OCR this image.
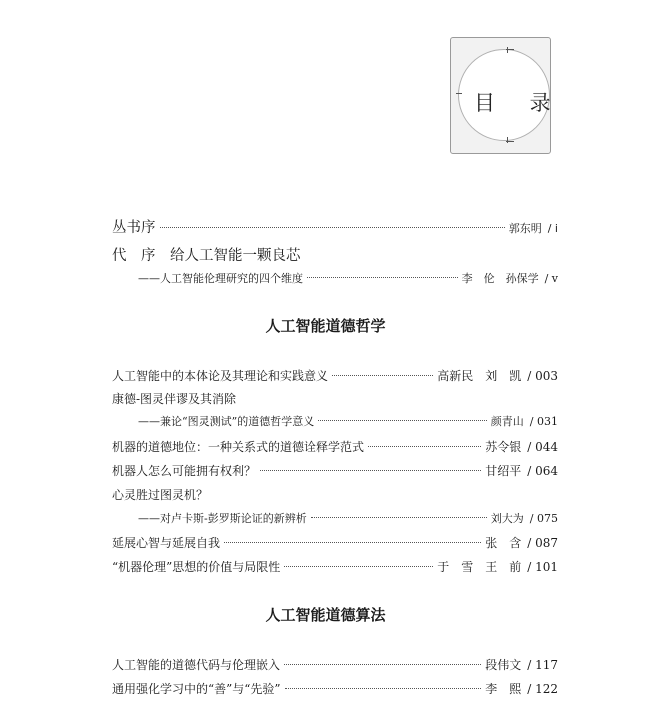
目 录
丛书序	郭东明 / i
代　序　给人工智能一颗良芯
——人工智能伦理研究的四个维度	李　伦　孙保学 / v
人工智能道德哲学
人工智能中的本体论及其理论和实践意义	高新民　刘　凯 / 003
康德-图灵伴谬及其消除
——兼论“图灵测试”的道德哲学意义	颜青山 / 031
机器的道德地位：一种关系式的道德诠释学范式	苏令银 / 044
机器人怎么可能拥有权利？	甘绍平 / 064
心灵胜过图灵机？
——对卢卡斯-彭罗斯论证的新辨析	刘大为 / 075
延展心智与延展自我	张　含 / 087
“机器伦理”思想的价值与局限性	于　雪　王　前 / 101
人工智能道德算法
人工智能的道德代码与伦理嵌入	段伟文 / 117
通用强化学习中的“善”与“先验”	李　熙 / 122
